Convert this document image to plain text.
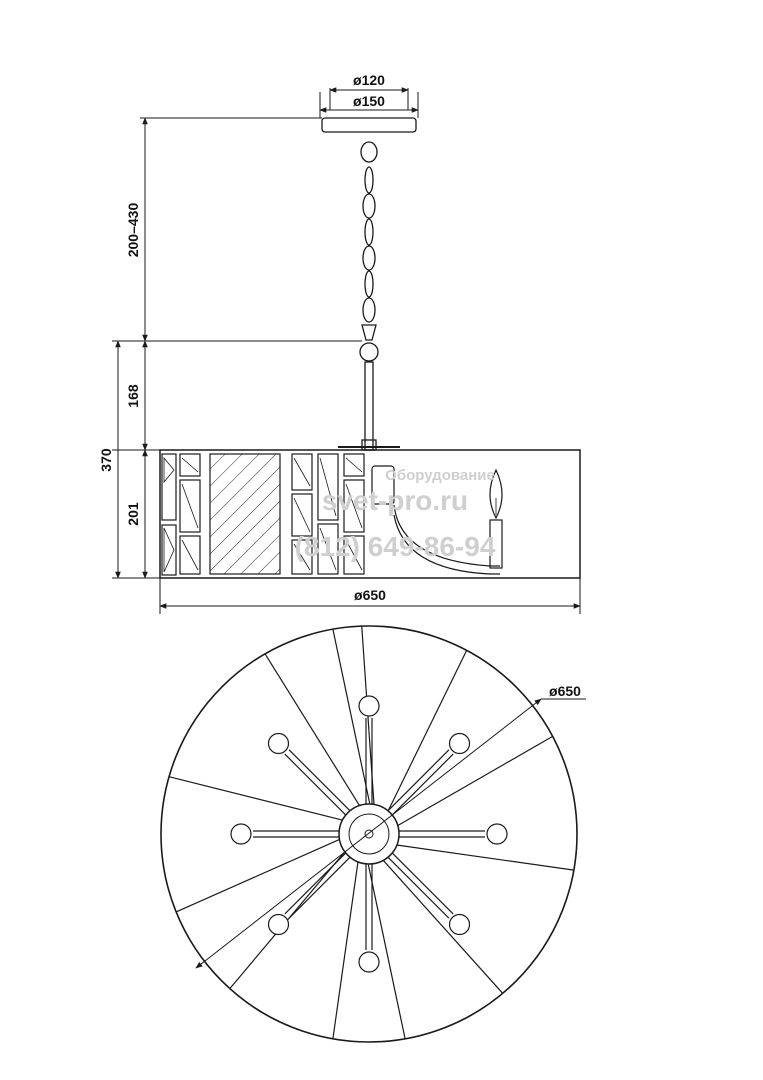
ø120
ø150
200–430
370
168
201
ø650
ø650
Оборудование
svet-pro.ru
(812) 649-86-94
